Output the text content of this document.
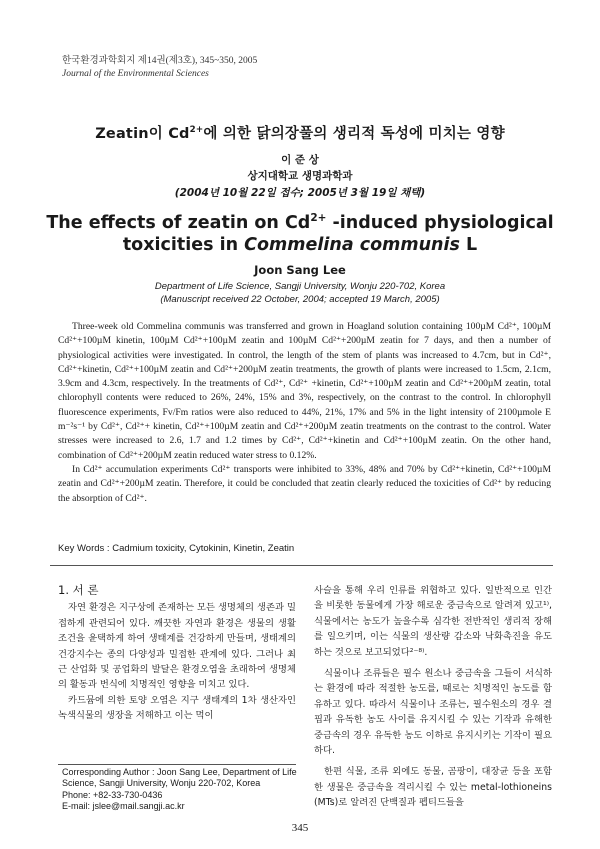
한국환경과학회지 제14권(제3호), 345~350, 2005
Journal of the Environmental Sciences
Zeatin이 $Cd^{2+}$에 의한 닭의장풀의 생리적 독성에 미치는 영향
이 준 상
상지대학교 생명과학과
(2004년 10월 22일 접수; 2005년 3월 19일 채택)
The effects of zeatin on $Cd^{2+}$ -induced physiological
toxicities in Commelina communis L
Joon Sang Lee
Department of Life Science, Sangji University, Wonju 220-702, Korea
(Manuscript received 22 October, 2004; accepted 19 March, 2005)

Three-week old Commelina communis was transferred and grown in Hoagland solution containing 100µM Cd²⁺, 100µM Cd²⁺+100µM kinetin, 100µM Cd²⁺+100µM zeatin and 100µM Cd²⁺+200µM zeatin for 7 days, and then a number of physiological activities were investigated. In control, the length of the stem of plants was increased to 4.7cm, but in Cd²⁺, Cd²⁺+kinetin, Cd²⁺+100µM zeatin and Cd²⁺+200µM zeatin treatments, the growth of plants were increased to 1.5cm, 2.1cm, 3.9cm and 4.3cm, respectively. In the treatments of Cd²⁺, Cd²⁺ +kinetin, Cd²⁺+100µM zeatin and Cd²⁺+200µM zeatin, total chlorophyll contents were reduced to 26%, 24%, 15% and 3%, respectively, on the contrast to the control. In chlorophyll fluorescence experiments, Fv/Fm ratios were also reduced to 44%, 21%, 17% and 5% in the light intensity of 2100µmole E m⁻²s⁻¹ by Cd²⁺, Cd²⁺+ kinetin, Cd²⁺+100µM zeatin and Cd²⁺+200µM zeatin treatments on the contrast to the control. Water stresses were increased to 2.6, 1.7 and 1.2 times by Cd²⁺, Cd²⁺+kinetin and Cd²⁺+100µM zeatin. On the other hand, combination of Cd²⁺+200µM zeatin reduced water stress to 0.12%.

In Cd²⁺ accumulation experiments Cd²⁺ transports were inhibited to 33%, 48% and 70% by Cd²⁺+kinetin, Cd²⁺+100µM zeatin and Cd²⁺+200µM zeatin. Therefore, it could be concluded that zeatin clearly reduced the toxicities of Cd²⁺ by reducing the absorption of Cd²⁺.

Key Words : Cadmium toxicity, Cytokinin, Kinetin, Zeatin
1. 서 론

자연 환경은 지구상에 존재하는 모든 생명체의 생존과 밀접하게 관련되어 있다. 깨끗한 자연과 환경은 생물의 생활조건을 윤택하게 하여 생태계를 건강하게 만들며, 생태계의 건강지수는 종의 다양성과 밀접한 관계에 있다. 그러나 최근 산업화 및 공업화의 발달은 환경오염을 초래하여 생명체의 활동과 번식에 치명적인 영향을 미치고 있다.

카드뮴에 의한 토양 오염은 지구 생태계의 1차 생산자인 녹색식물의 생장을 저해하고 이는 먹이

사슬을 통해 우리 인류를 위협하고 있다. 일반적으로 인간을 비롯한 동물에게 가장 해로운 중금속으로 알려져 있고¹⁾, 식물에서는 농도가 높을수록 심각한 전반적인 생리적 장해를 일으키며, 이는 식물의 생산량 감소와 낙화촉진을 유도하는 것으로 보고되었다²⁻⁸⁾.

식물이나 조류들은 필수 원소나 중금속을 그들이 서식하는 환경에 따라 적절한 농도를, 때로는 치명적인 농도를 함유하고 있다. 따라서 식물이나 조류는, 필수원소의 경우 결핍과 유독한 농도 사이를 유지시킬 수 있는 기작과 유해한 중금속의 경우 유독한 농도 이하로 유지시키는 기작이 필요하다.

한편 식물, 조류 외에도 동물, 곰팡이, 대장균 등을 포함한 생물은 중금속을 격리시킬 수 있는 metal-lothioneins (MTs)로 알려진 단백질과 펩티드들을

Corresponding Author : Joon Sang Lee, Department of Life
Science, Sangji University, Wonju 220-702, Korea
Phone: +82-33-730-0436
E-mail: jslee@mail.sangji.ac.kr
345
